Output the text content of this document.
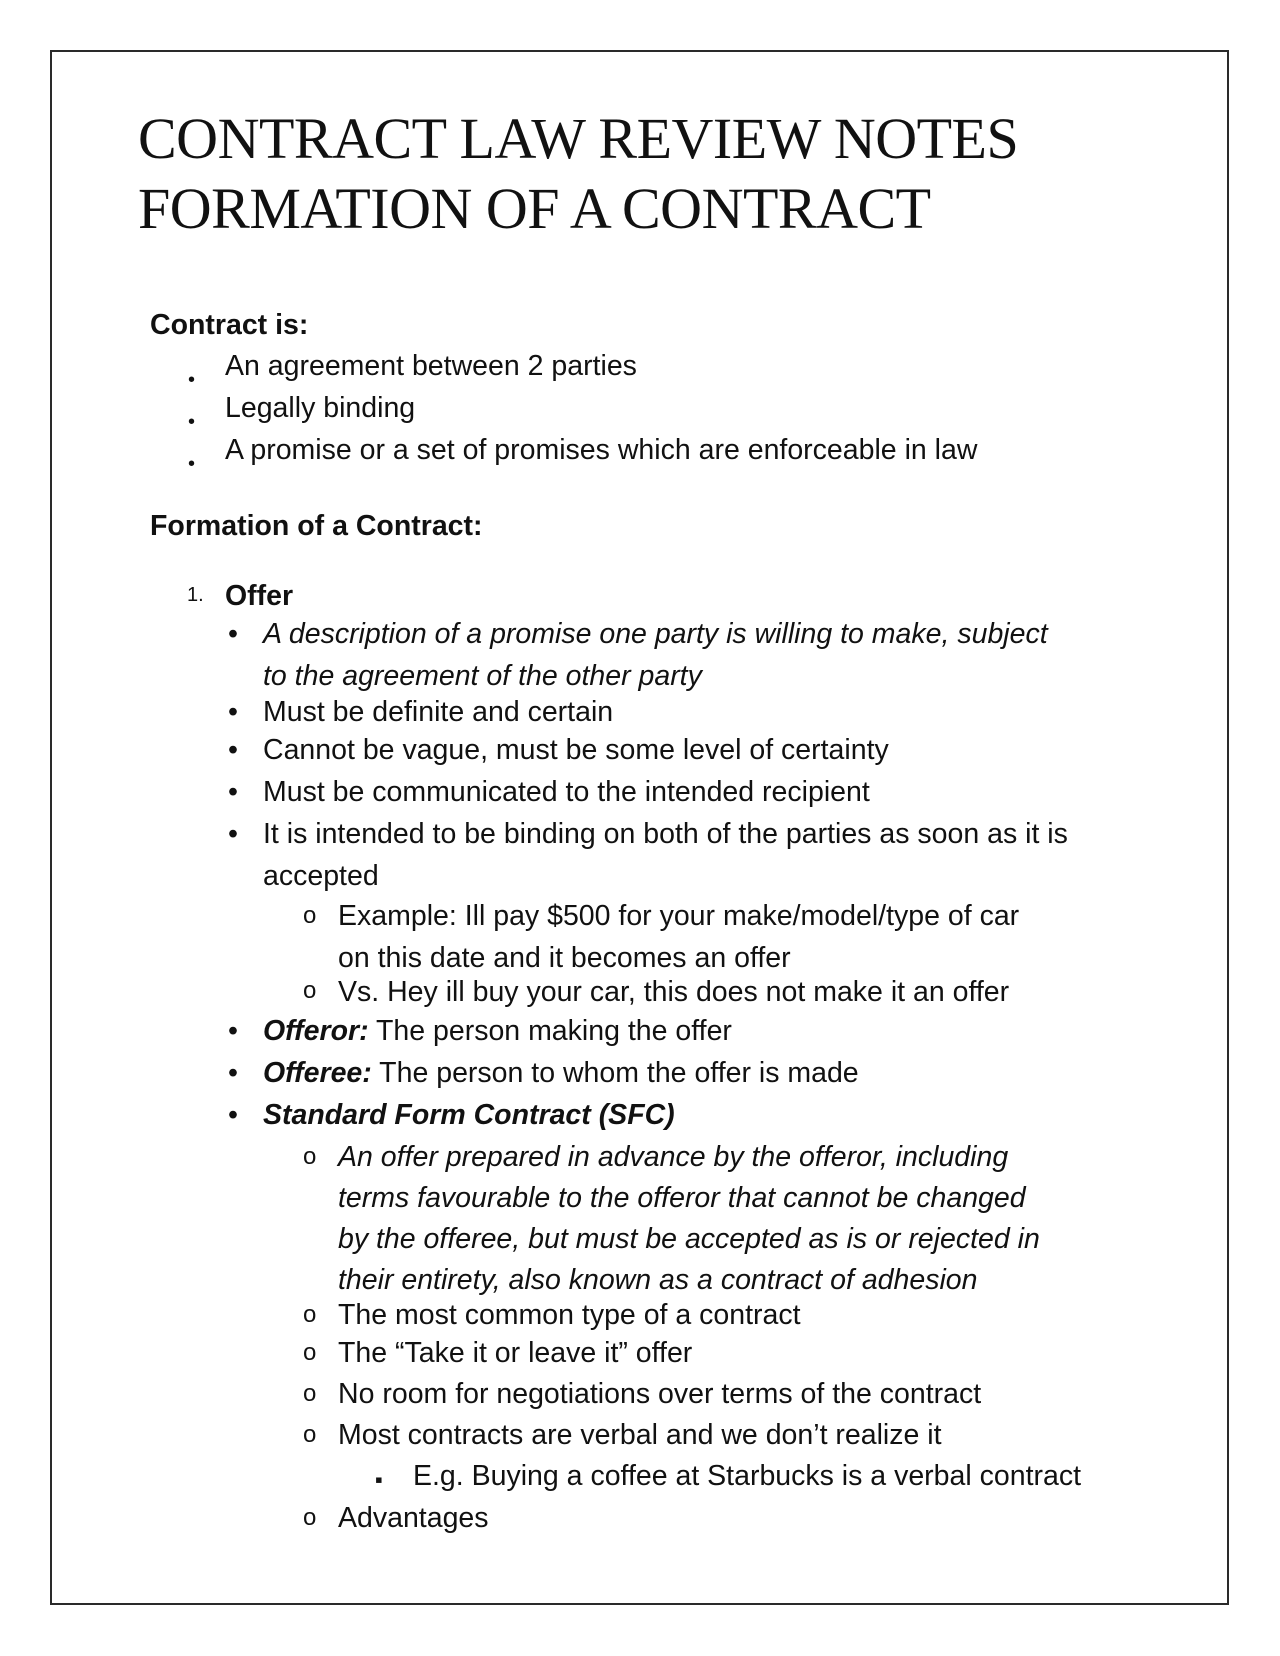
CONTRACT LAW REVIEW NOTES
FORMATION OF A CONTRACT

Contract is:

•

An agreement between 2 parties

•

Legally binding

•

A promise or a set of promises which are enforceable in law

Formation of a Contract:

1. Offer

•

A description of a promise one party is willing to make, subject

to the agreement of the other party

•

Must be definite and certain

•

Cannot be vague, must be some level of certainty

•

Must be communicated to the intended recipient

•

It is intended to be binding on both of the parties as soon as it is

accepted

o

Example: Ill pay $500 for your make/model/type of car

on this date and it becomes an offer

o

Vs. Hey ill buy your car, this does not make it an offer

•

Offeror: The person making the offer

•

Offeree: The person to whom the offer is made

•

Standard Form Contract (SFC)

o

An offer prepared in advance by the offeror, including

terms favourable to the offeror that cannot be changed

by the offeree, but must be accepted as is or rejected in

their entirety, also known as a contract of adhesion

o

The most common type of a contract

o

The “Take it or leave it” offer

o

No room for negotiations over terms of the contract

o

Most contracts are verbal and we don’t realize it

▪

E.g. Buying a coffee at Starbucks is a verbal contract

o

Advantages
